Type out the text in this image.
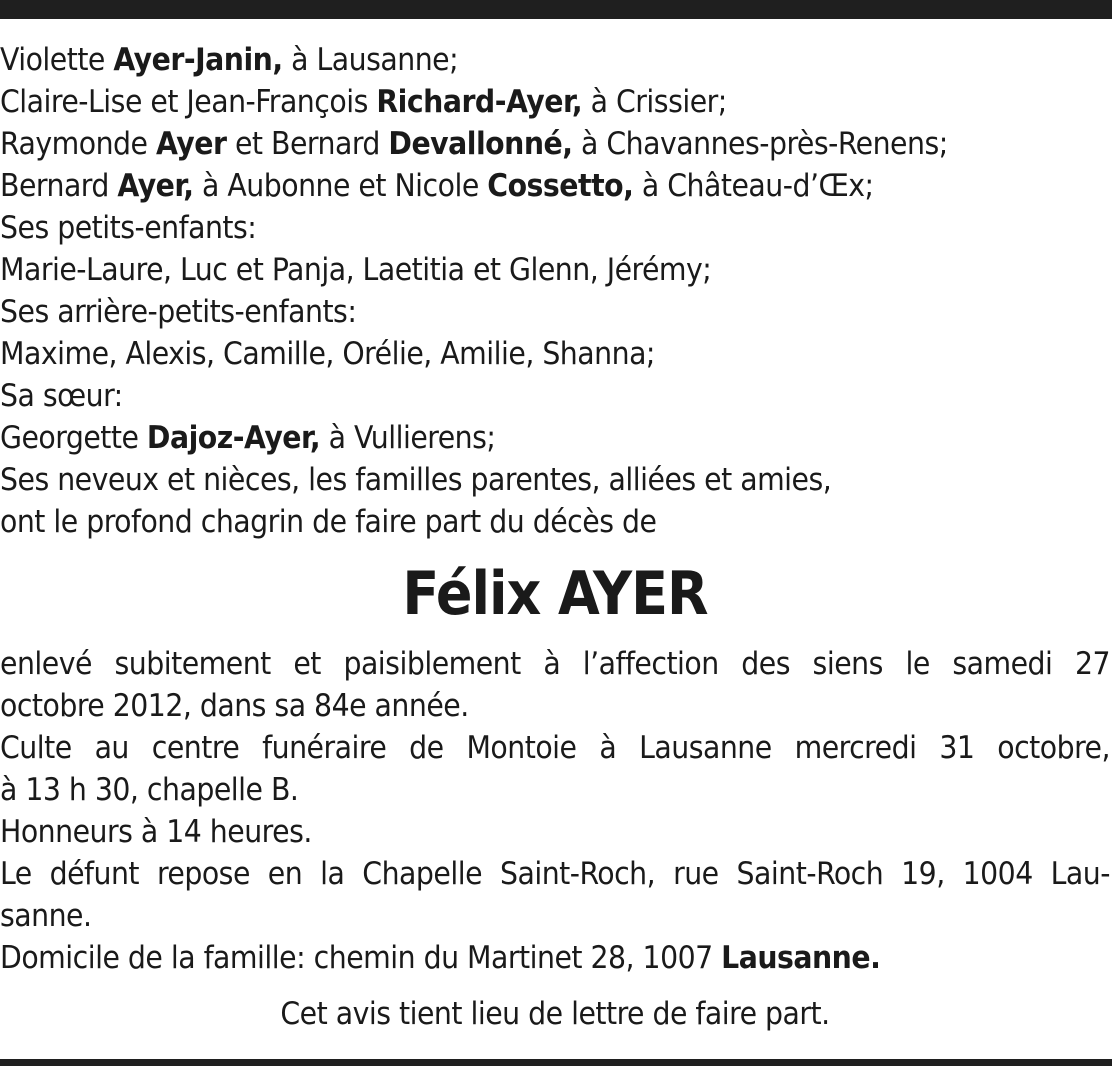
Violette Ayer-Janin, à Lausanne;
Claire-Lise et Jean-François Richard-Ayer, à Crissier;
Raymonde Ayer et Bernard Devallonné, à Chavannes-près-Renens;
Bernard Ayer, à Aubonne et Nicole Cossetto, à Château-d’Œx;
Ses petits-enfants:
Marie-Laure, Luc et Panja, Laetitia et Glenn, Jérémy;
Ses arrière-petits-enfants:
Maxime, Alexis, Camille, Orélie, Amilie, Shanna;
Sa sœur:
Georgette Dajoz-Ayer, à Vullierens;
Ses neveux et nièces, les familles parentes, alliées et amies,
ont le profond chagrin de faire part du décès de
Félix AYER
enlevé subitement et paisiblement à l’affection des siens le samedi 27
octobre 2012, dans sa 84e année.
Culte au centre funéraire de Montoie à Lausanne mercredi 31 octobre,
à 13 h 30, chapelle B.
Honneurs à 14 heures.
Le défunt repose en la Chapelle Saint-Roch, rue Saint-Roch 19, 1004 Lau-
sanne.
Domicile de la famille: chemin du Martinet 28, 1007 Lausanne.
Cet avis tient lieu de lettre de faire part.
